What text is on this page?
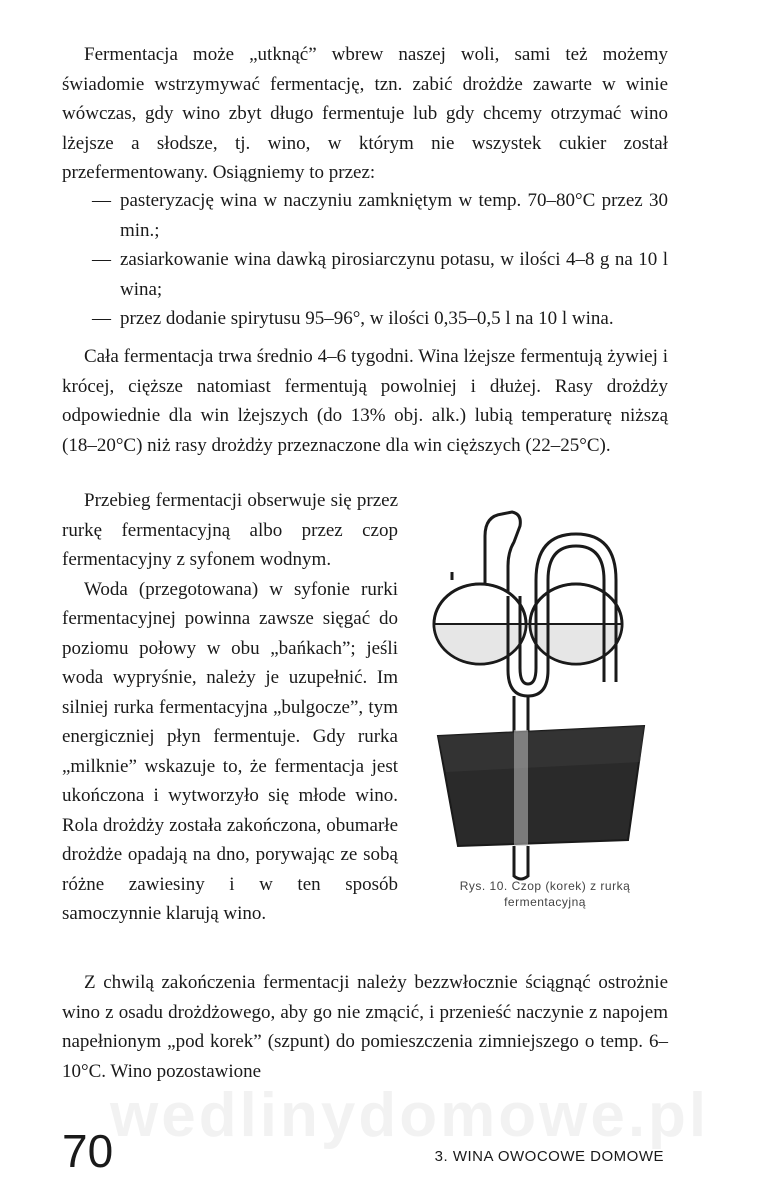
Fermentacja może „utknąć” wbrew naszej woli, sami też możemy świadomie wstrzymywać fermentację, tzn. zabić drożdże zawarte w winie wówczas, gdy wino zbyt długo fermentuje lub gdy chcemy otrzymać wino lżejsze a słodsze, tj. wino, w którym nie wszystek cukier został przefermentowany. Osiągniemy to przez:

— pasteryzację wina w naczyniu zamkniętym w temp. 70–80°C przez 30 min.;
— zasiarkowanie wina dawką pirosiarczynu potasu, w ilości 4–8 g na 10 l wina;
— przez dodanie spirytusu 95–96°, w ilości 0,35–0,5 l na 10 l wina.

Cała fermentacja trwa średnio 4–6 tygodni. Wina lżejsze fermentują żywiej i krócej, cięższe natomiast fermentują powolniej i dłużej. Rasy drożdży odpowiednie dla win lżejszych (do 13% obj. alk.) lubią temperaturę niższą (18–20°C) niż rasy drożdży przeznaczone dla win cięższych (22–25°C).

Przebieg fermentacji obserwuje się przez rurkę fermentacyjną albo przez czop fermentacyjny z syfonem wodnym.

Woda (przegotowana) w syfonie rurki fermentacyjnej powinna zawsze sięgać do poziomu połowy w obu „bańkach”; jeśli woda wypryśnie, należy je uzupełnić. Im silniej rurka fermentacyjna „bulgocze”, tym energiczniej płyn fermentuje. Gdy rurka „milknie” wskazuje to, że fermentacja jest ukończona i wytworzyło się młode wino. Rola drożdży została zakończona, obumarłe drożdże opadają na dno, porywając ze sobą różne zawiesiny i w ten sposób samoczynnie klarują wino.

Rys. 10. Czop (korek) z rurką
fermentacyjną

Z chwilą zakończenia fermentacji należy bezzwłocznie ściągnąć ostrożnie wino z osadu drożdżowego, aby go nie zmącić, i przenieść naczynie z napojem napełnionym „pod korek” (szpunt) do pomieszczenia zimniejszego o temp. 6–10°C. Wino pozostawione

wedlinydomowe.pl
70	3. WINA OWOCOWE DOMOWE
